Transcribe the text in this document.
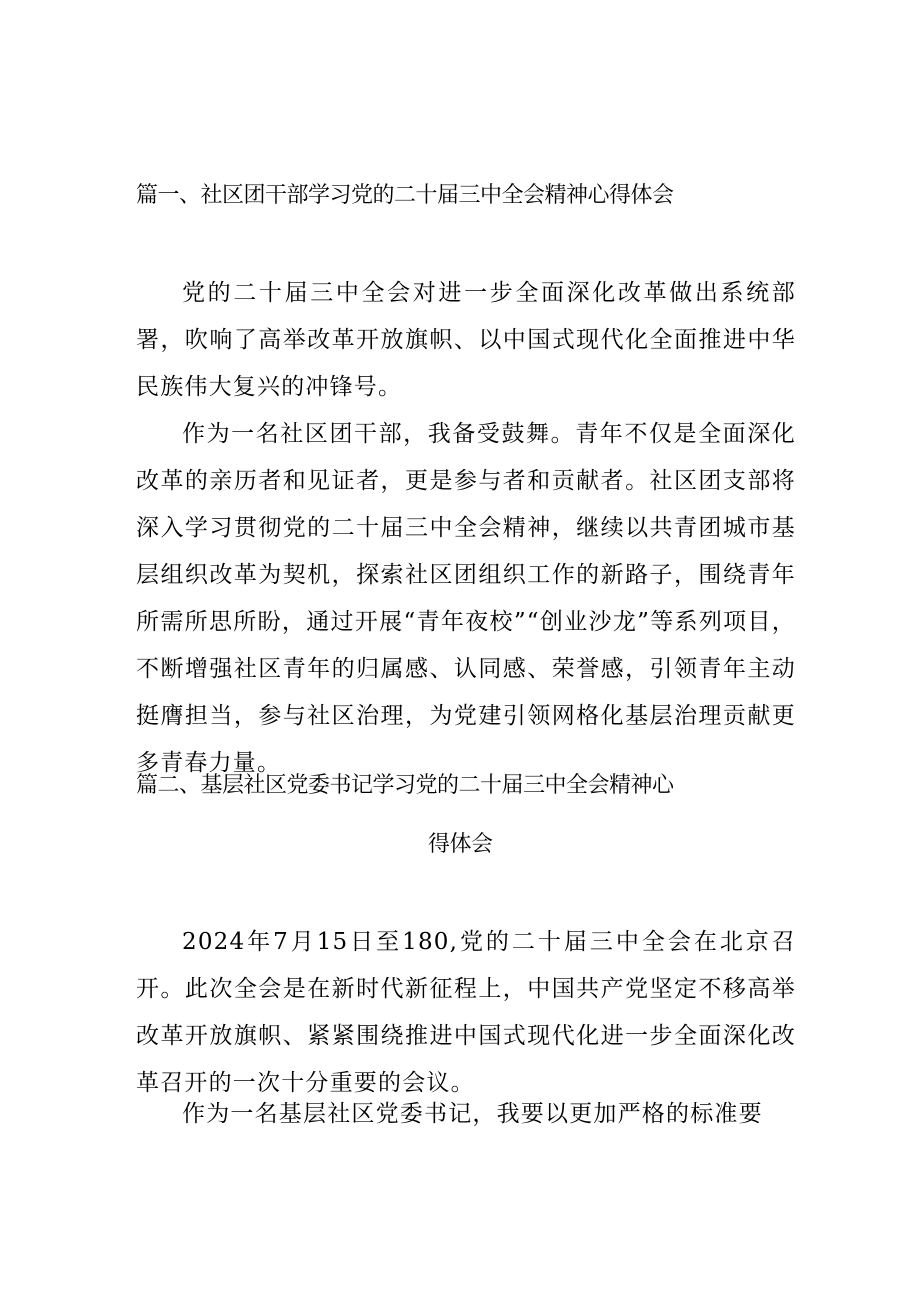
篇一、社区团干部学习党的二十届三中全会精神心得体会

党的二十届三中全会对进一步全面深化改革做出系统部署，吹响了高举改革开放旗帜、以中国式现代化全面推进中华民族伟大复兴的冲锋号。

作为一名社区团干部，我备受鼓舞。青年不仅是全面深化改革的亲历者和见证者，更是参与者和贡献者。社区团支部将深入学习贯彻党的二十届三中全会精神，继续以共青团城市基层组织改革为契机，探索社区团组织工作的新路子，围绕青年所需所思所盼，通过开展“青年夜校”“创业沙龙”等系列项目，不断增强社区青年的归属感、认同感、荣誉感，引领青年主动挺膺担当，参与社区治理，为党建引领网格化基层治理贡献更多青春力量。

篇二、基层社区党委书记学习党的二十届三中全会精神心
得体会

2024年7月15日至180,党的二十届三中全会在北京召开。此次全会是在新时代新征程上，中国共产党坚定不移高举改革开放旗帜、紧紧围绕推进中国式现代化进一步全面深化改革召开的一次十分重要的会议。

作为一名基层社区党委书记，我要以更加严格的标准要
